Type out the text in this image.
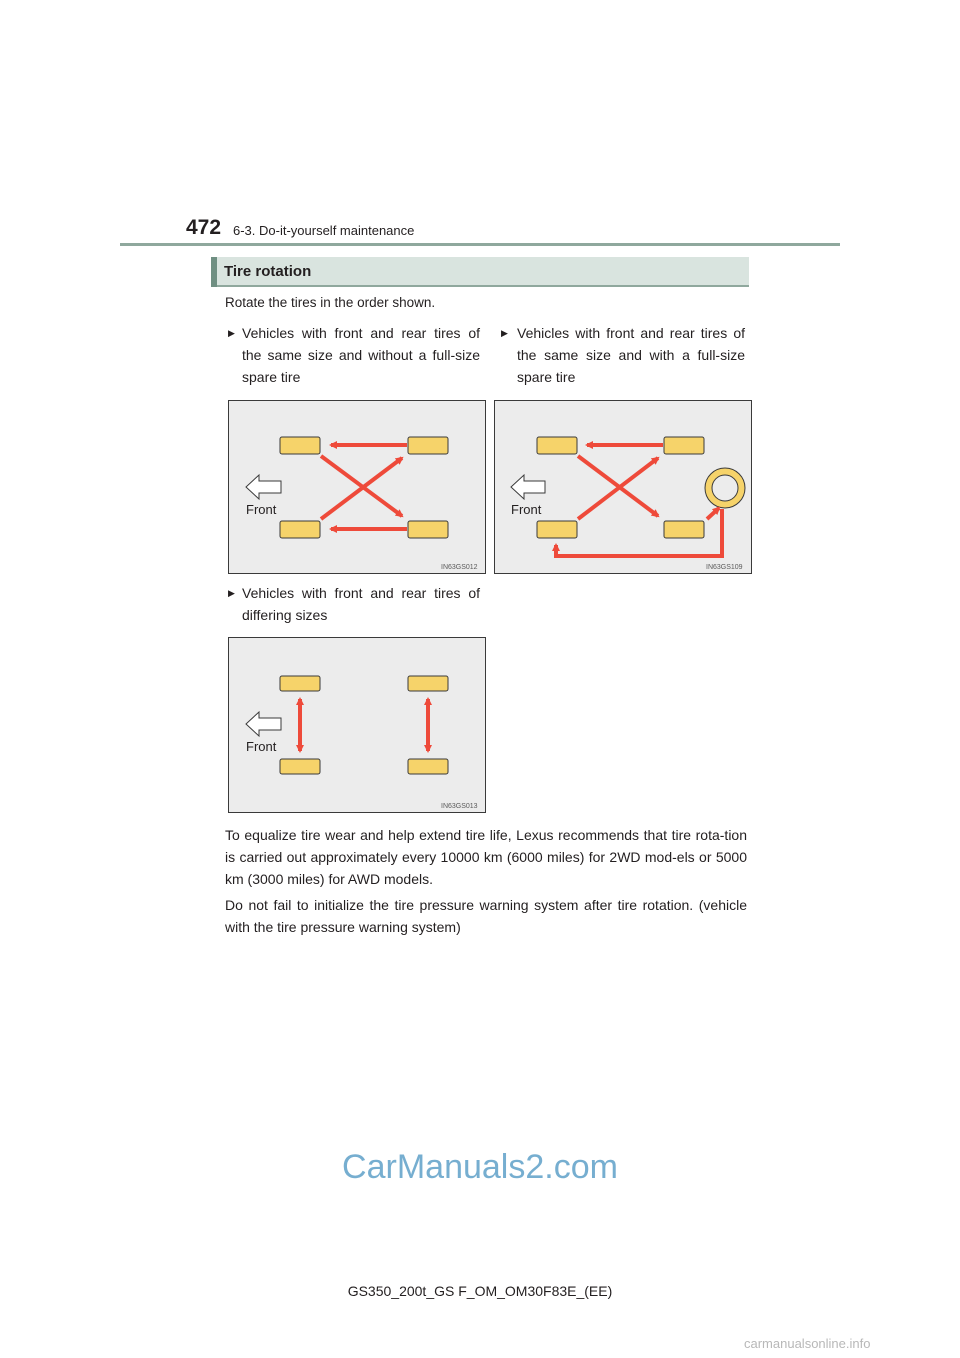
472 6-3. Do-it-yourself maintenance
Tire rotation
Rotate the tires in the order shown.
▶ Vehicles with front and rear tires of the same size and without a full-size spare tire
▶ Vehicles with front and rear tires of the same size and with a full-size spare tire
Front
IN63GS012
Front
IN63GS109
▶ Vehicles with front and rear tires of differing sizes
Front
IN63GS013
To equalize tire wear and help extend tire life, Lexus recommends that tire rota-tion is carried out approximately every 10000 km (6000 miles) for 2WD mod-els or 5000 km (3000 miles) for AWD models.
Do not fail to initialize the tire pressure warning system after tire rotation. (vehicle with the tire pressure warning system)
CarManuals2.com
GS350_200t_GS F_OM_OM30F83E_(EE)
carmanualsonline.info
